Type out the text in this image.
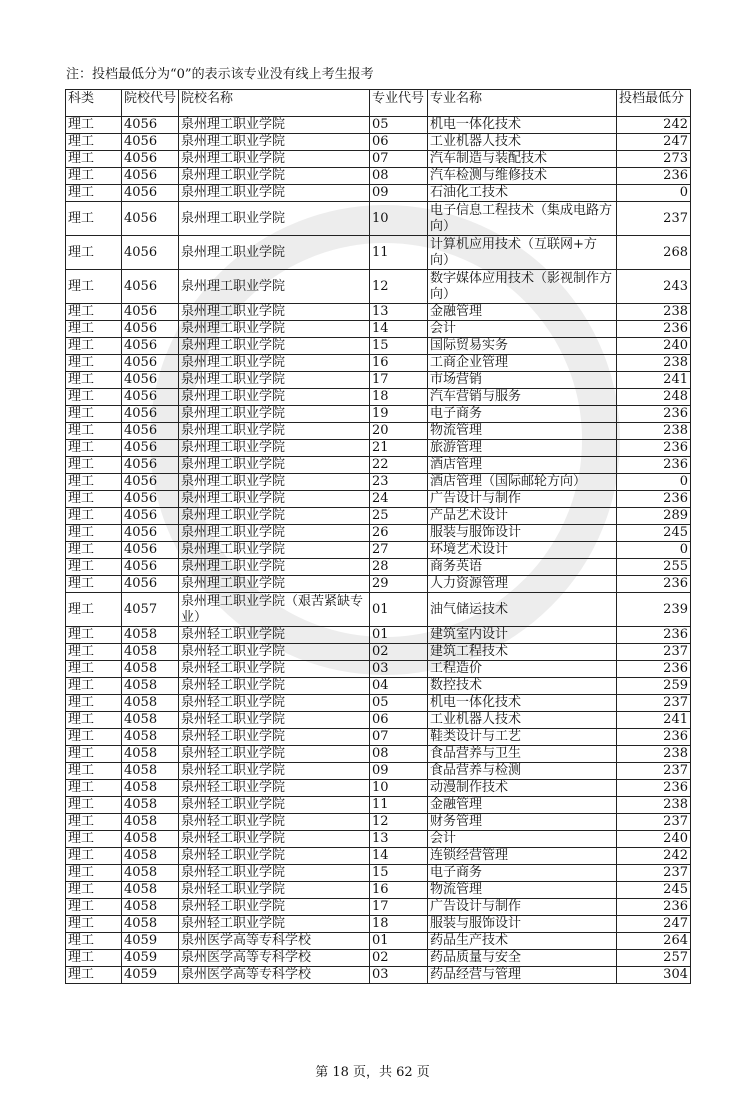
注：投档最低分为“0”的表示该专业没有线上考生报考
科类	院校代号	院校名称	专业代号	专业名称	投档最低分
理工	4056	泉州理工职业学院	05	机电一体化技术	242
理工	4056	泉州理工职业学院	06	工业机器人技术	247
理工	4056	泉州理工职业学院	07	汽车制造与装配技术	273
理工	4056	泉州理工职业学院	08	汽车检测与维修技术	236
理工	4056	泉州理工职业学院	09	石油化工技术	0
理工	4056	泉州理工职业学院	10	电子信息工程技术（集成电路方向）	237
理工	4056	泉州理工职业学院	11	计算机应用技术（互联网+方向）	268
理工	4056	泉州理工职业学院	12	数字媒体应用技术（影视制作方向）	243
理工	4056	泉州理工职业学院	13	金融管理	238
理工	4056	泉州理工职业学院	14	会计	236
理工	4056	泉州理工职业学院	15	国际贸易实务	240
理工	4056	泉州理工职业学院	16	工商企业管理	238
理工	4056	泉州理工职业学院	17	市场营销	241
理工	4056	泉州理工职业学院	18	汽车营销与服务	248
理工	4056	泉州理工职业学院	19	电子商务	236
理工	4056	泉州理工职业学院	20	物流管理	238
理工	4056	泉州理工职业学院	21	旅游管理	236
理工	4056	泉州理工职业学院	22	酒店管理	236
理工	4056	泉州理工职业学院	23	酒店管理（国际邮轮方向）	0
理工	4056	泉州理工职业学院	24	广告设计与制作	236
理工	4056	泉州理工职业学院	25	产品艺术设计	289
理工	4056	泉州理工职业学院	26	服装与服饰设计	245
理工	4056	泉州理工职业学院	27	环境艺术设计	0
理工	4056	泉州理工职业学院	28	商务英语	255
理工	4056	泉州理工职业学院	29	人力资源管理	236
理工	4057	泉州理工职业学院（艰苦紧缺专业）	01	油气储运技术	239
理工	4058	泉州轻工职业学院	01	建筑室内设计	236
理工	4058	泉州轻工职业学院	02	建筑工程技术	237
理工	4058	泉州轻工职业学院	03	工程造价	236
理工	4058	泉州轻工职业学院	04	数控技术	259
理工	4058	泉州轻工职业学院	05	机电一体化技术	237
理工	4058	泉州轻工职业学院	06	工业机器人技术	241
理工	4058	泉州轻工职业学院	07	鞋类设计与工艺	236
理工	4058	泉州轻工职业学院	08	食品营养与卫生	238
理工	4058	泉州轻工职业学院	09	食品营养与检测	237
理工	4058	泉州轻工职业学院	10	动漫制作技术	236
理工	4058	泉州轻工职业学院	11	金融管理	238
理工	4058	泉州轻工职业学院	12	财务管理	237
理工	4058	泉州轻工职业学院	13	会计	240
理工	4058	泉州轻工职业学院	14	连锁经营管理	242
理工	4058	泉州轻工职业学院	15	电子商务	237
理工	4058	泉州轻工职业学院	16	物流管理	245
理工	4058	泉州轻工职业学院	17	广告设计与制作	236
理工	4058	泉州轻工职业学院	18	服装与服饰设计	247
理工	4059	泉州医学高等专科学校	01	药品生产技术	264
理工	4059	泉州医学高等专科学校	02	药品质量与安全	257
理工	4059	泉州医学高等专科学校	03	药品经营与管理	304
第 18 页，共 62 页
